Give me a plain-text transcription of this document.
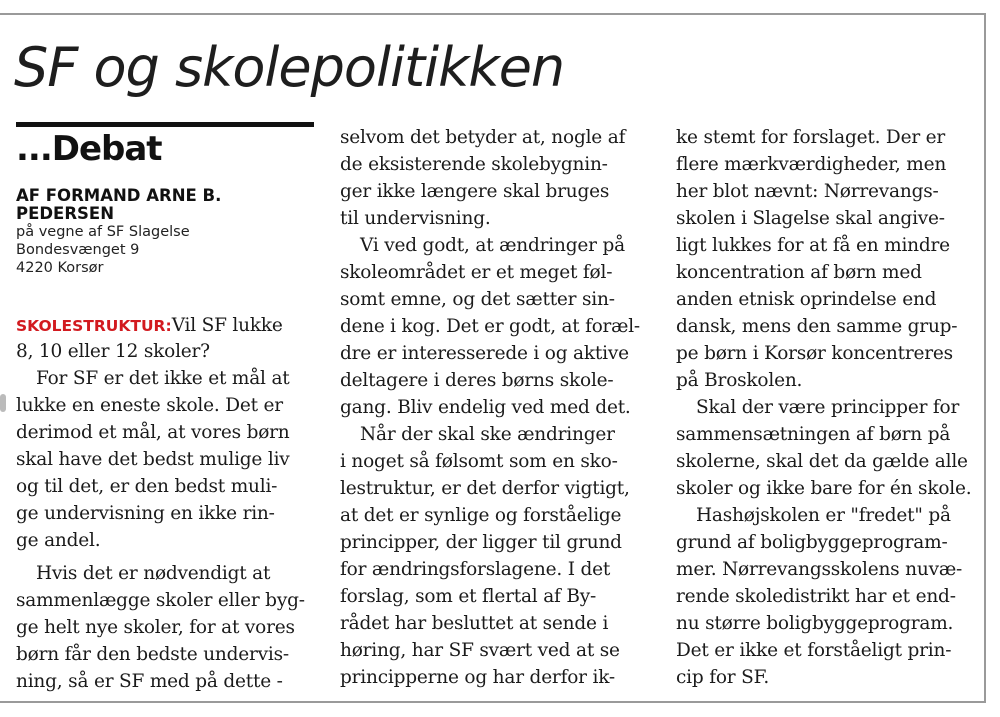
SF og skolepolitikken
...Debat
AF FORMAND ARNE B.
PEDERSEN
på vegne af SF Slagelse
Bondesvænget 9
4220 Korsør
SKOLESTRUKTUR:Vil SF lukke
8, 10 eller 12 skoler?
For SF er det ikke et mål at
lukke en eneste skole. Det er
derimod et mål, at vores børn
skal have det bedst mulige liv
og til det, er den bedst muli-
ge undervisning en ikke rin-
ge andel.
Hvis det er nødvendigt at
sammenlægge skoler eller byg-
ge helt nye skoler, for at vores
børn får den bedste undervis-
ning, så er SF med på dette -
selvom det betyder at, nogle af
de eksisterende skolebygnin-
ger ikke længere skal bruges
til undervisning.
Vi ved godt, at ændringer på
skoleområdet er et meget føl-
somt emne, og det sætter sin-
dene i kog. Det er godt, at foræl-
dre er interesserede i og aktive
deltagere i deres børns skole-
gang. Bliv endelig ved med det.
Når der skal ske ændringer
i noget så følsomt som en sko-
lestruktur, er det derfor vigtigt,
at det er synlige og forståelige
principper, der ligger til grund
for ændringsforslagene. I det
forslag, som et flertal af By-
rådet har besluttet at sende i
høring, har SF svært ved at se
principperne og har derfor ik-
ke stemt for forslaget. Der er
flere mærkværdigheder, men
her blot nævnt: Nørrevangs-
skolen i Slagelse skal angive-
ligt lukkes for at få en mindre
koncentration af børn med
anden etnisk oprindelse end
dansk, mens den samme grup-
pe børn i Korsør koncentreres
på Broskolen.
Skal der være principper for
sammensætningen af børn på
skolerne, skal det da gælde alle
skoler og ikke bare for én skole.
Hashøjskolen er "fredet" på
grund af boligbyggeprogram-
mer. Nørrevangsskolens nuvæ-
rende skoledistrikt har et end-
nu større boligbyggeprogram.
Det er ikke et forståeligt prin-
cip for SF.
